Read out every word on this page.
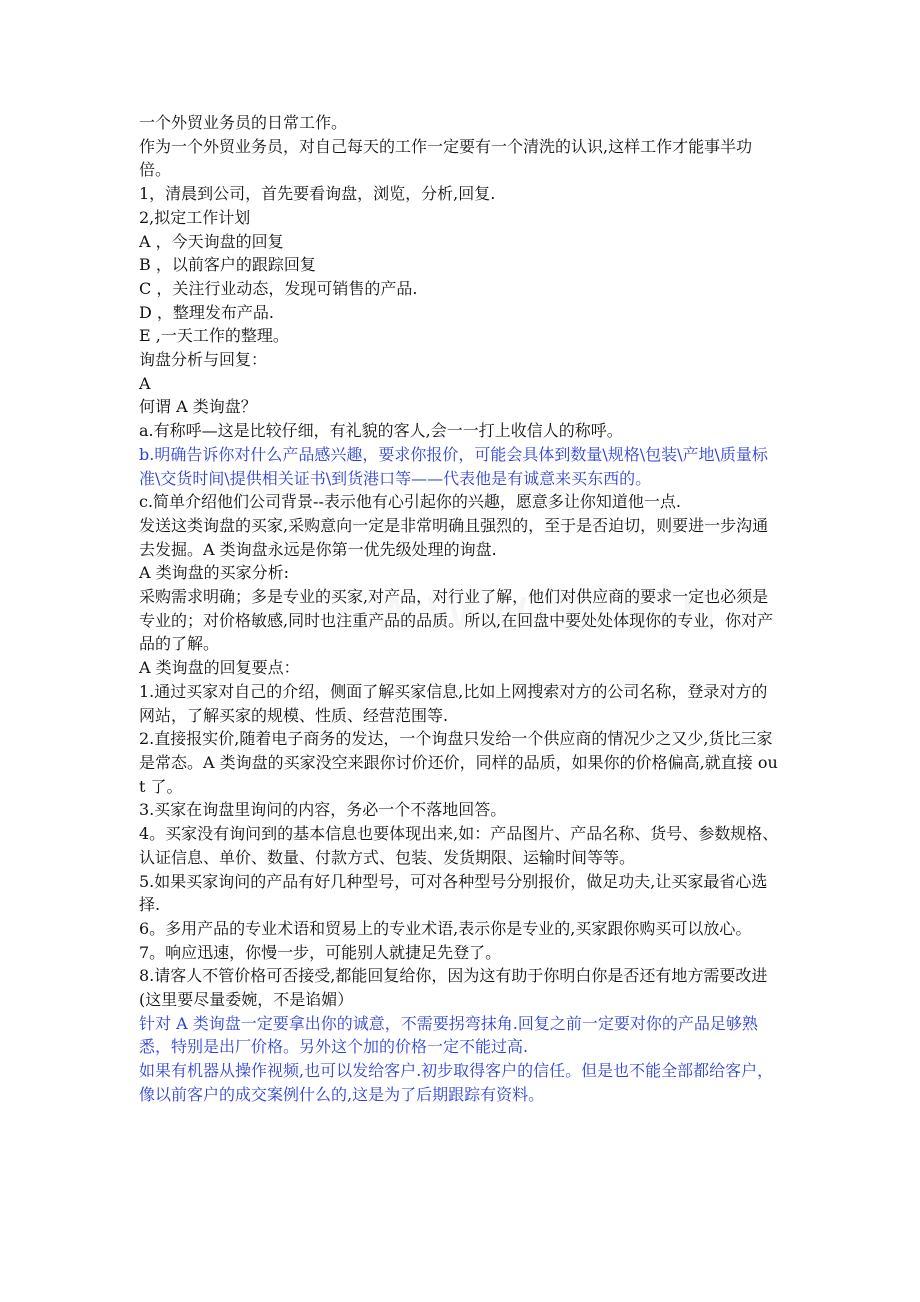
一个外贸业务员的日常工作。

作为一个外贸业务员，对自己每天的工作一定要有一个清洗的认识,这样工作才能事半功倍。

1，清晨到公司，首先要看询盘，浏览，分析,回复.

2,拟定工作计划

A ，今天询盘的回复

B ，以前客户的跟踪回复

C ，关注行业动态，发现可销售的产品.

D ，整理发布产品.

E ,一天工作的整理。

询盘分析与回复：

A

何谓 A 类询盘？

a.有称呼—这是比较仔细，有礼貌的客人,会一一打上收信人的称呼。

b.明确告诉你对什么产品感兴趣，要求你报价，可能会具体到数量\规格\包装\产地\质量标准\交货时间\提供相关证书\到货港口等——代表他是有诚意来买东西的。

c.简单介绍他们公司背景--表示他有心引起你的兴趣，愿意多让你知道他一点.

发送这类询盘的买家,采购意向一定是非常明确且强烈的，至于是否迫切，则要进一步沟通去发掘。A 类询盘永远是你第一优先级处理的询盘.

A 类询盘的买家分析:

采购需求明确；多是专业的买家,对产品，对行业了解，他们对供应商的要求一定也必须是专业的；对价格敏感,同时也注重产品的品质。所以,在回盘中要处处体现你的专业，你对产品的了解。

A 类询盘的回复要点：

1.通过买家对自己的介绍，侧面了解买家信息,比如上网搜索对方的公司名称，登录对方的网站，了解买家的规模、性质、经营范围等.

2.直接报实价,随着电子商务的发达，一个询盘只发给一个供应商的情况少之又少,货比三家是常态。A 类询盘的买家没空来跟你讨价还价，同样的品质，如果你的价格偏高,就直接 out 了。

3.买家在询盘里询问的内容，务必一个不落地回答。

4。买家没有询问到的基本信息也要体现出来,如：产品图片、产品名称、货号、参数规格、认证信息、单价、数量、付款方式、包装、发货期限、运输时间等等。

5.如果买家询问的产品有好几种型号，可对各种型号分别报价，做足功夫,让买家最省心选择.

6。多用产品的专业术语和贸易上的专业术语,表示你是专业的,买家跟你购买可以放心。

7。响应迅速，你慢一步，可能别人就捷足先登了。

8.请客人不管价格可否接受,都能回复给你，因为这有助于你明白你是否还有地方需要改进(这里要尽量委婉，不是谄媚）

针对 A 类询盘一定要拿出你的诚意，不需要拐弯抹角.回复之前一定要对你的产品足够熟悉，特别是出厂价格。另外这个加的价格一定不能过高.

如果有机器从操作视频,也可以发给客户.初步取得客户的信任。但是也不能全部都给客户，像以前客户的成交案例什么的,这是为了后期跟踪有资料。
